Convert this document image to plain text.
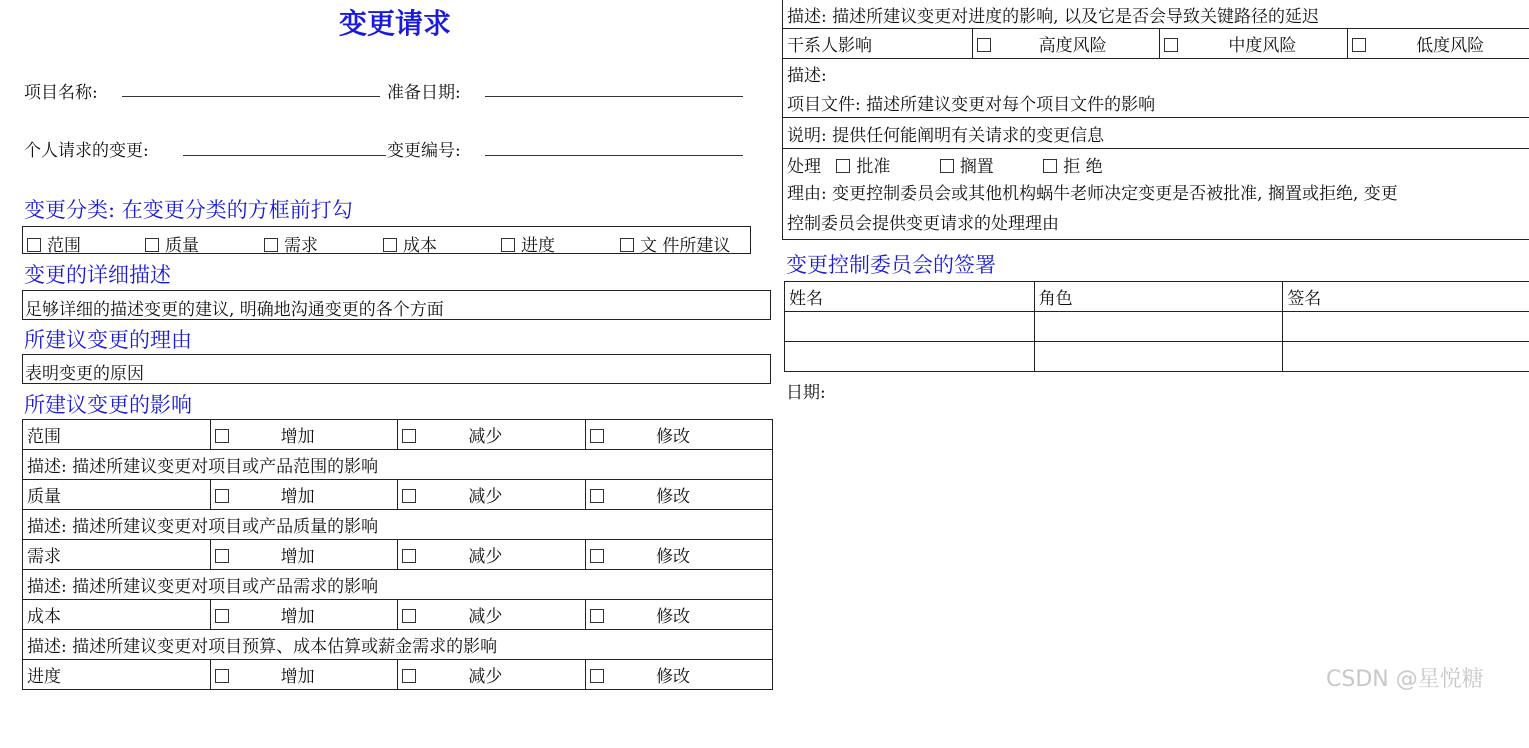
​
变更请求
项目名称:	准备日期:
个人请求的变更:	变更编号:
变更分类: 在变更分类的方框前打勾
范围	质量	需求	成本	进度	文 件所建议
变更的详细描述
足够详细的描述变更的建议, 明确地沟通变更的各个方面
所建议变更的理由
表明变更的原因
所建议变更的影响
范围	增加	减少	修改
描述: 描述所建议变更对项目或产品范围的影响			
质量	增加	减少	修改
描述: 描述所建议变更对项目或产品质量的影响			
需求	增加	减少	修改
描述: 描述所建议变更对项目或产品需求的影响			
成本	增加	减少	修改
描述: 描述所建议变更对项目预算、成本估算或薪金需求的影响			
进度	增加	减少	修改
描述: 描述所建议变更对进度的影响, 以及它是否会导致关键路径的延迟
干系人影响	高度风险	中度风险	低度风险
描述:
项目文件: 描述所建议变更对每个项目文件的影响
说明: 提供任何能阐明有关请求的变更信息
处理 批准	搁置	拒 绝

理由: 变更控制委员会或其他机构蜗牛老师决定变更是否被批准, 搁置或拒绝, 变更
控制委员会提供变更请求的处理理由
变更控制委员会的签署
姓名	角色	签名

日期:
CSDN @星悦糖
